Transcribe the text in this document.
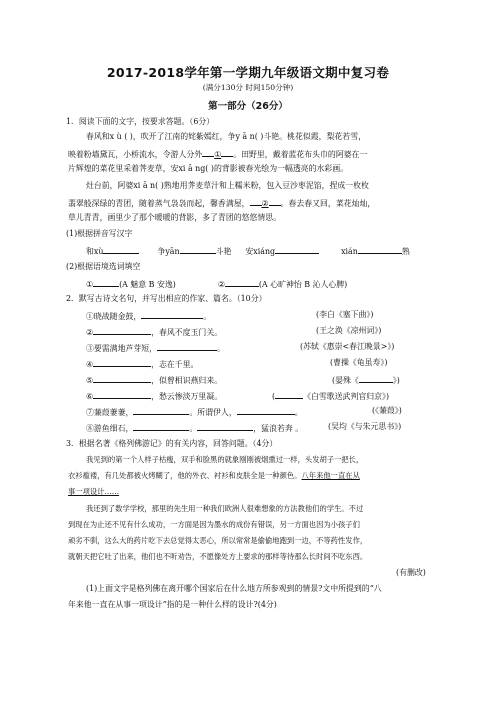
2017-2018学年第一学期九年级语文期中复习卷
(满分130分 时间150分钟)
第一部分（26分）
1．阅读下面的文字，按要求答题。（6分）
春风和x ù ( )，吹开了江南的姹紫嫣红，争y ā n( )斗艳。桃花似霞，梨花若雪，
映着粉墙黛瓦，小桥流水，令游人分外 ① 。田野里，戴着蓝花布头巾的阿婆在一
片辉煌的菜花里采着荠麦草，安xi ā ng( )的背影被春光绘为一幅透亮的水彩画。
灶台前，阿婆xi ā n( )熟地用荠麦草汁和上糯米粉，包入豆沙枣泥馅，捏成一枚枚
翡翠般深绿的青团，随着蒸气袅袅而起，馨香满屋， ② 。春去春又回，菜花灿灿，
草儿青青，画里少了那个暖暖的背影，多了青团的悠悠情思。
(1)根据拼音写汉字
和xù	争yān	斗艳 安xiáng	xián	熟
(2)根据语境选词填空
①	(A 魅意 B 安逸)	②	(A 心旷神怡 B 沁人心脾)
2．默写古诗文名句，并写出相应的作家、篇名。（10分）
①晓战随金鼓，	。	(李白《塞下曲》)
②	，春风不度玉门关。	(王之涣《凉州词》)
③要需满地芦芽短，	。	(苏轼《惠崇<春江晚景>》)
④	，志在千里。	(曹操《龟虽寿》)
⑤	，似曾相识燕归来。	(晏殊《	》)
⑥	，愁云惨淡万里凝。	(	《白雪歌送武判官归京》)
⑦蒹葭萋萋，	。所谓伊人，	。	(《蒹葭》)
⑧游鱼细石，	。	，猛浪若奔 。	(吴均《与朱元思书》)
3．根据名著《格列佛游记》的有关内容，回答问题。（4分）
我见到的第一个人样子枯瘦，双手和脸黑的就象刚刚被烟熏过一样，头发胡子一把长，
衣衫褴褛，有几处都被火烤糊了，他的外衣、衬衫和皮肤全是一种颜色。八年来他一直在从
事一项设计……
我还到了数学学校，那里的先生用一种我们欧洲人很难想象的方法教他们的学生。不过
到现在为止还不见有什么成功，一方面是因为墨水的成份有错误，另一方面也因为小孩子们
顽劣不驯，这么大的药片吃下去总觉得太恶心，所以常常是偷偷地跑到一边，不等药性发作，
就朝天把它吐了出来，他们也不听劝告，不愿像处方上要求的那样等待那么长时间不吃东西。
(有删改)
(1)上面文字是格列佛在离开哪个国家后在什么地方所参观到的情景?文中所提到的“八
年来他一直在从事一项设计”指的是一种什么样的设计?(4分)
